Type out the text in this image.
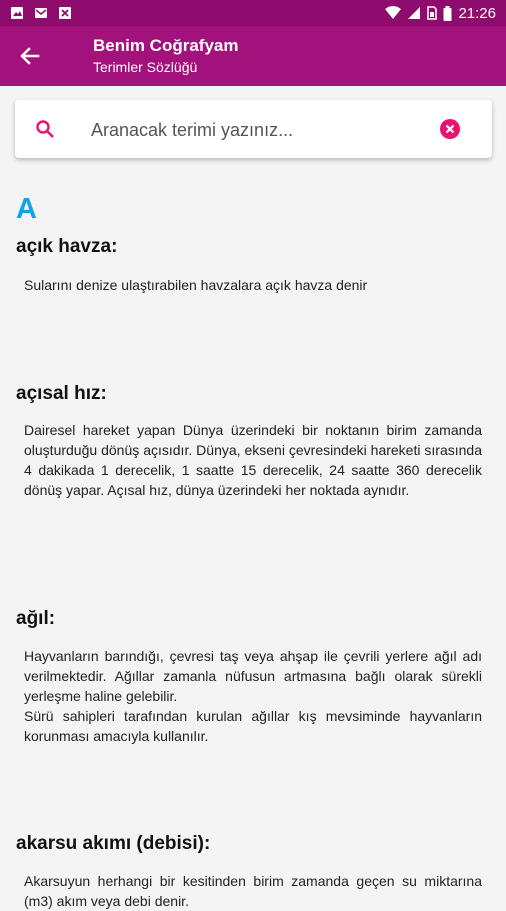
21:26
Benim Coğrafyam
Terimler Sözlüğü
Aranacak terimi yazınız...
A
açık havza:

Sularını denize ulaştırabilen havzalara açık havza denir

açısal hız:

Dairesel hareket yapan Dünya üzerindeki bir noktanın birim zamanda oluşturduğu dönüş açısıdır. Dünya, ekseni çevresindeki hareketi sırasında 4 dakikada 1 derecelik, 1 saatte 15 derecelik, 24 saatte 360 derecelik dönüş yapar. Açısal hız, dünya üzerindeki her noktada aynıdır.

ağıl:

Hayvanların barındığı, çevresi taş veya ahşap ile çevrili yerlere ağıl adı verilmektedir. Ağıllar zamanla nüfusun artmasına bağlı olarak sürekli yerleşme haline gelebilir.

Sürü sahipleri tarafından kurulan ağıllar kış mevsiminde hayvanların korunması amacıyla kullanılır.

akarsu akımı (debisi):

Akarsuyun herhangi bir kesitinden birim zamanda geçen su miktarına (m3) akım veya debi denir.
